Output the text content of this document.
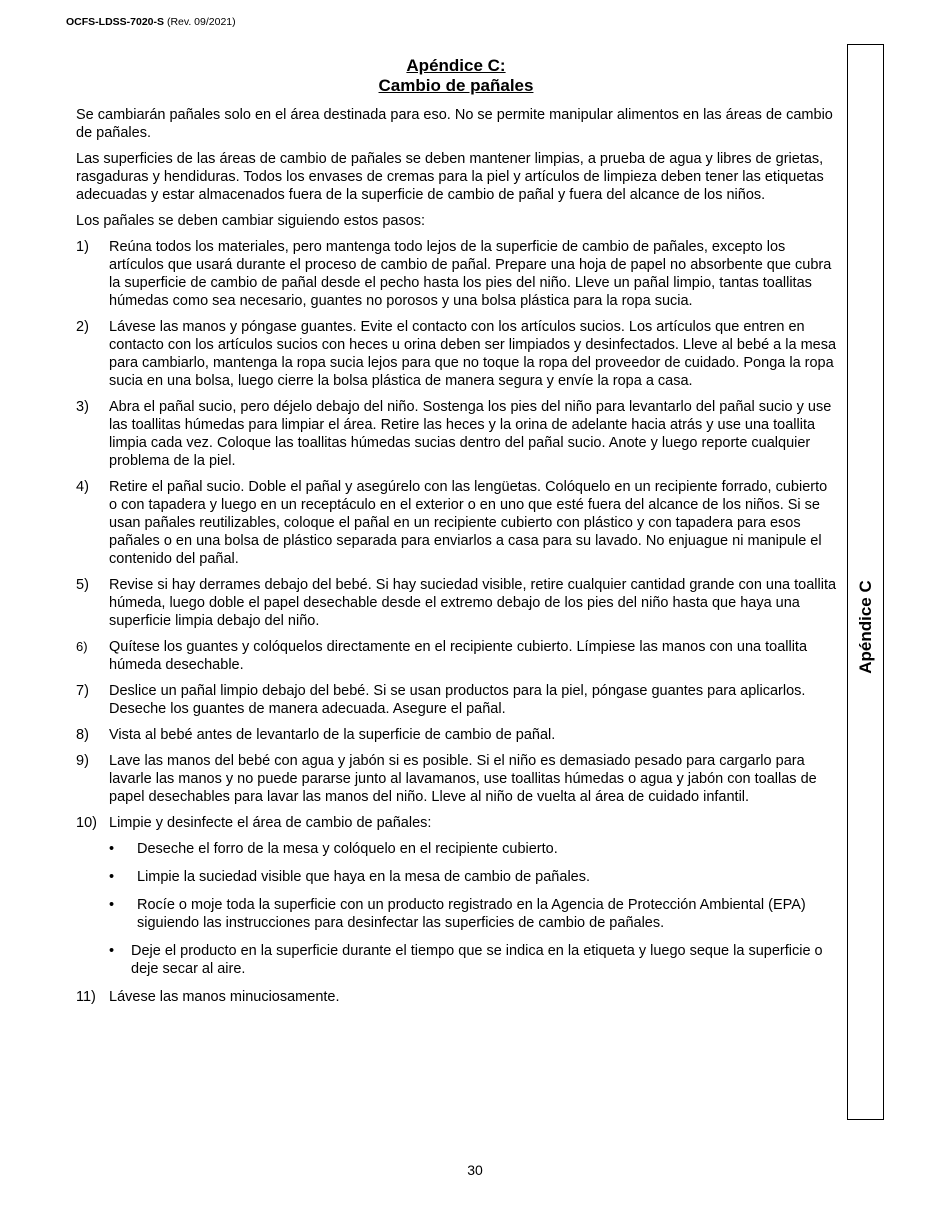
OCFS-LDSS-7020-S (Rev. 09/2021)
Apéndice C
Apéndice C:
Cambio de pañales

Se cambiarán pañales solo en el área destinada para eso. No se permite manipular alimentos en las áreas de cambio de pañales.

Las superficies de las áreas de cambio de pañales se deben mantener limpias, a prueba de agua y libres de grietas, rasgaduras y hendiduras. Todos los envases de cremas para la piel y artículos de limpieza deben tener las etiquetas adecuadas y estar almacenados fuera de la superficie de cambio de pañal y fuera del alcance de los niños.

Los pañales se deben cambiar siguiendo estos pasos:

1)	Reúna todos los materiales, pero mantenga todo lejos de la superficie de cambio de pañales, excepto los artículos que usará durante el proceso de cambio de pañal. Prepare una hoja de papel no absorbente que cubra la superficie de cambio de pañal desde el pecho hasta los pies del niño. Lleve un pañal limpio, tantas toallitas húmedas como sea necesario, guantes no porosos y una bolsa plástica para la ropa sucia.
2)	Lávese las manos y póngase guantes. Evite el contacto con los artículos sucios. Los artículos que entren en contacto con los artículos sucios con heces u orina deben ser limpiados y desinfectados. Lleve al bebé a la mesa para cambiarlo, mantenga la ropa sucia lejos para que no toque la ropa del proveedor de cuidado. Ponga la ropa sucia en una bolsa, luego cierre la bolsa plástica de manera segura y envíe la ropa a casa.
3)	Abra el pañal sucio, pero déjelo debajo del niño. Sostenga los pies del niño para levantarlo del pañal sucio y use las toallitas húmedas para limpiar el área. Retire las heces y la orina de adelante hacia atrás y use una toallita limpia cada vez. Coloque las toallitas húmedas sucias dentro del pañal sucio. Anote y luego reporte cualquier problema de la piel.
4)	Retire el pañal sucio. Doble el pañal y asegúrelo con las lengüetas. Colóquelo en un recipiente forrado, cubierto o con tapadera y luego en un receptáculo en el exterior o en uno que esté fuera del alcance de los niños. Si se usan pañales reutilizables, coloque el pañal en un recipiente cubierto con plástico y con tapadera para esos pañales o en una bolsa de plástico separada para enviarlos a casa para su lavado. No enjuague ni manipule el contenido del pañal.
5)	Revise si hay derrames debajo del bebé. Si hay suciedad visible, retire cualquier cantidad grande con una toallita húmeda, luego doble el papel desechable desde el extremo debajo de los pies del niño hasta que haya una superficie limpia debajo del niño.
6)	Quítese los guantes y colóquelos directamente en el recipiente cubierto. Límpiese las manos con una toallita húmeda desechable.
7)	Deslice un pañal limpio debajo del bebé. Si se usan productos para la piel, póngase guantes para aplicarlos. Deseche los guantes de manera adecuada. Asegure el pañal.
8)	Vista al bebé antes de levantarlo de la superficie de cambio de pañal.
9)	Lave las manos del bebé con agua y jabón si es posible. Si el niño es demasiado pesado para cargarlo para lavarle las manos y no puede pararse junto al lavamanos, use toallitas húmedas o agua y jabón con toallas de papel desechables para lavar las manos del niño. Lleve al niño de vuelta al área de cuidado infantil.
10) Limpie y desinfecte el área de cambio de pañales:
•	Deseche el forro de la mesa y colóquelo en el recipiente cubierto.
•	Limpie la suciedad visible que haya en la mesa de cambio de pañales.
•	Rocíe o moje toda la superficie con un producto registrado en la Agencia de Protección Ambiental (EPA) siguiendo las instrucciones para desinfectar las superficies de cambio de pañales.
•	Deje el producto en la superficie durante el tiempo que se indica en la etiqueta y luego seque la superficie o deje secar al aire.
11) Lávese las manos minuciosamente.
30
